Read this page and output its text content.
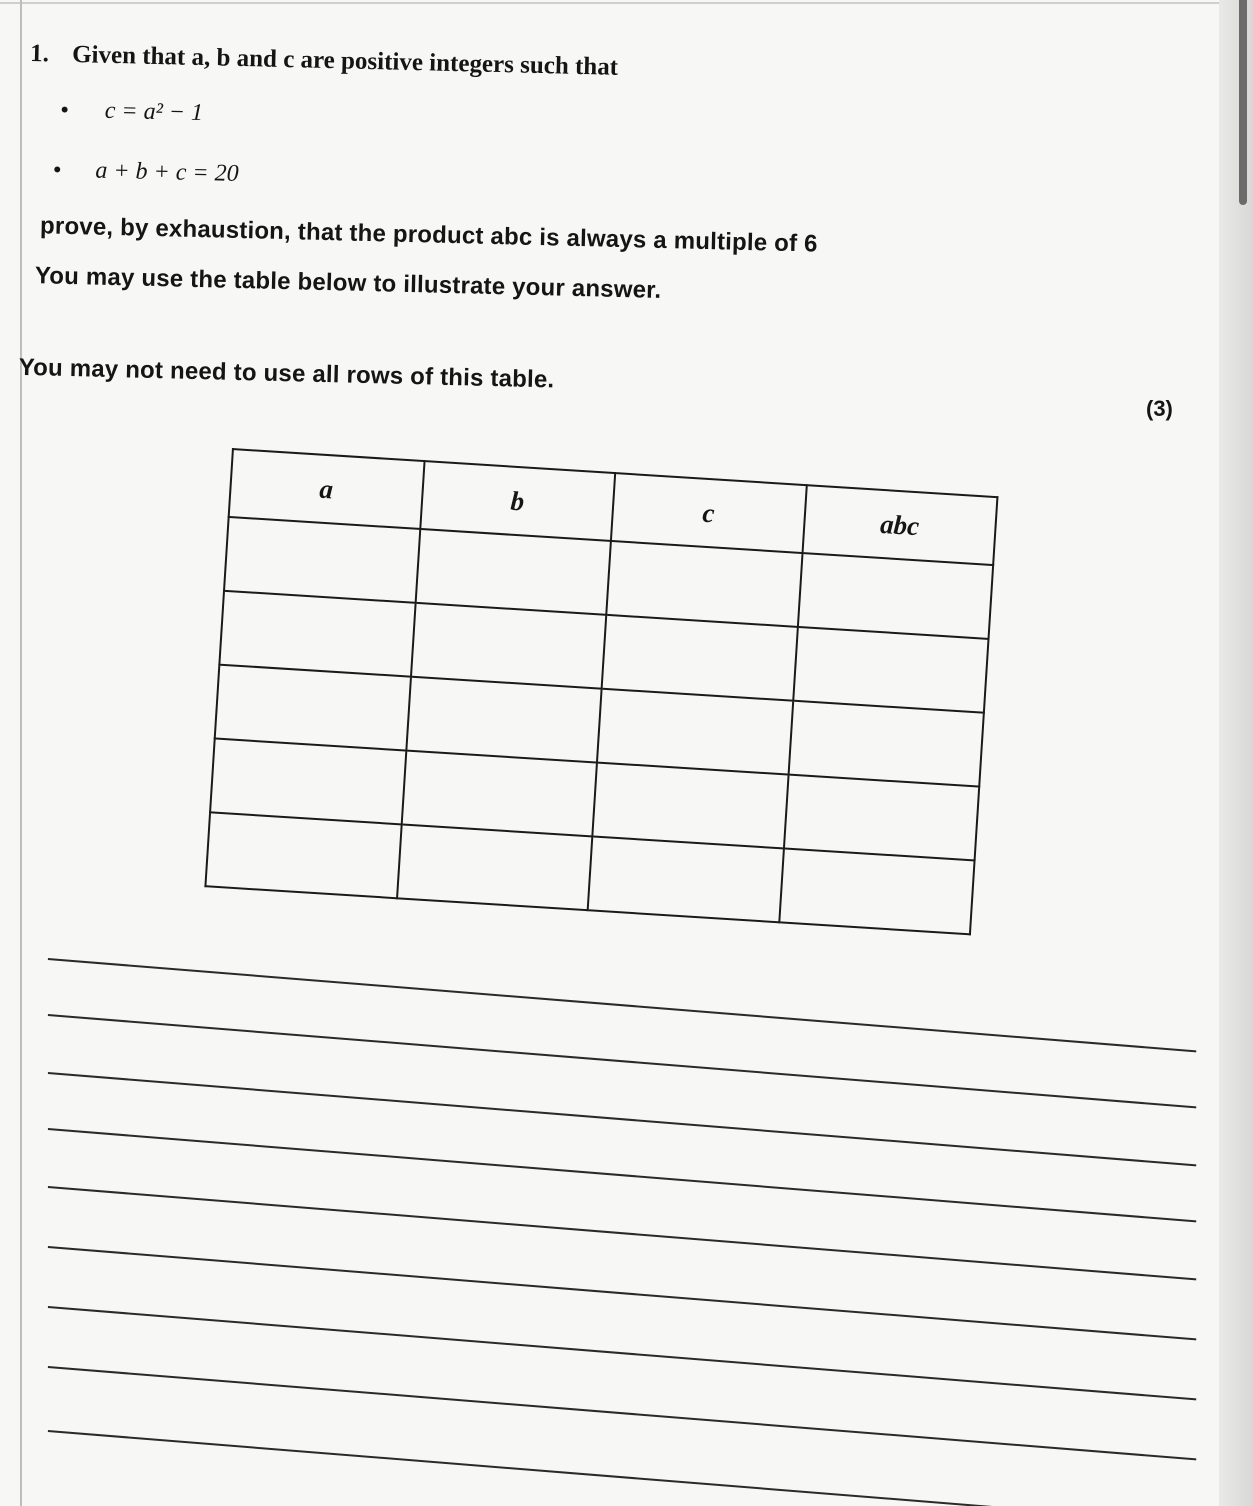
1. Given that a, b and c are positive integers such that
• c = a² − 1
• a + b + c = 20
prove, by exhaustion, that the product abc is always a multiple of 6
You may use the table below to illustrate your answer.
You may not need to use all rows of this table.
(3)
a	b	c	abc
